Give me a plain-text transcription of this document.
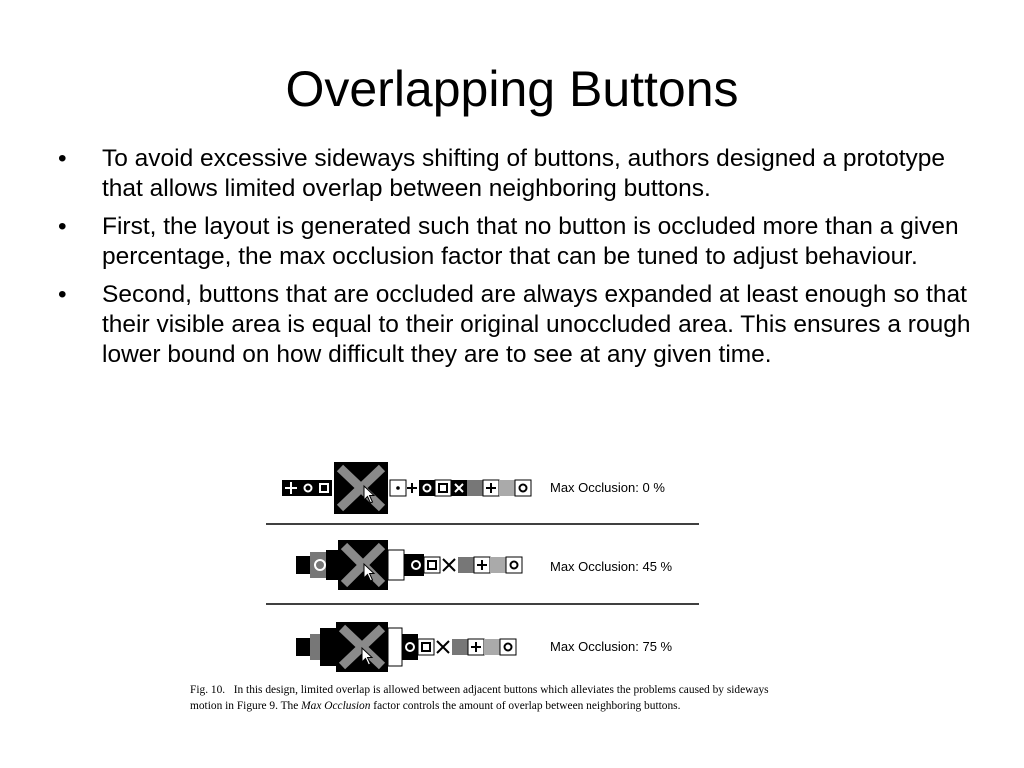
Overlapping Buttons
• To avoid excessive sideways shifting of buttons, authors designed a prototype that allows limited overlap between neighboring buttons.
• First, the layout is generated such that no button is occluded more than a given percentage, the max occlusion factor that can be tuned to adjust behaviour.
• Second, buttons that are occluded are always expanded at least enough so that their visible area is equal to their original unoccluded area. This ensures a rough lower bound on how difficult they are to see at any given time.
Max Occlusion: 0 %
Max Occlusion: 45 %
Max Occlusion: 75 %
Fig. 10. In this design, limited overlap is allowed between adjacent buttons which alleviates the problems caused by sideways motion in Figure 9. The Max Occlusion factor controls the amount of overlap between neighboring buttons.
